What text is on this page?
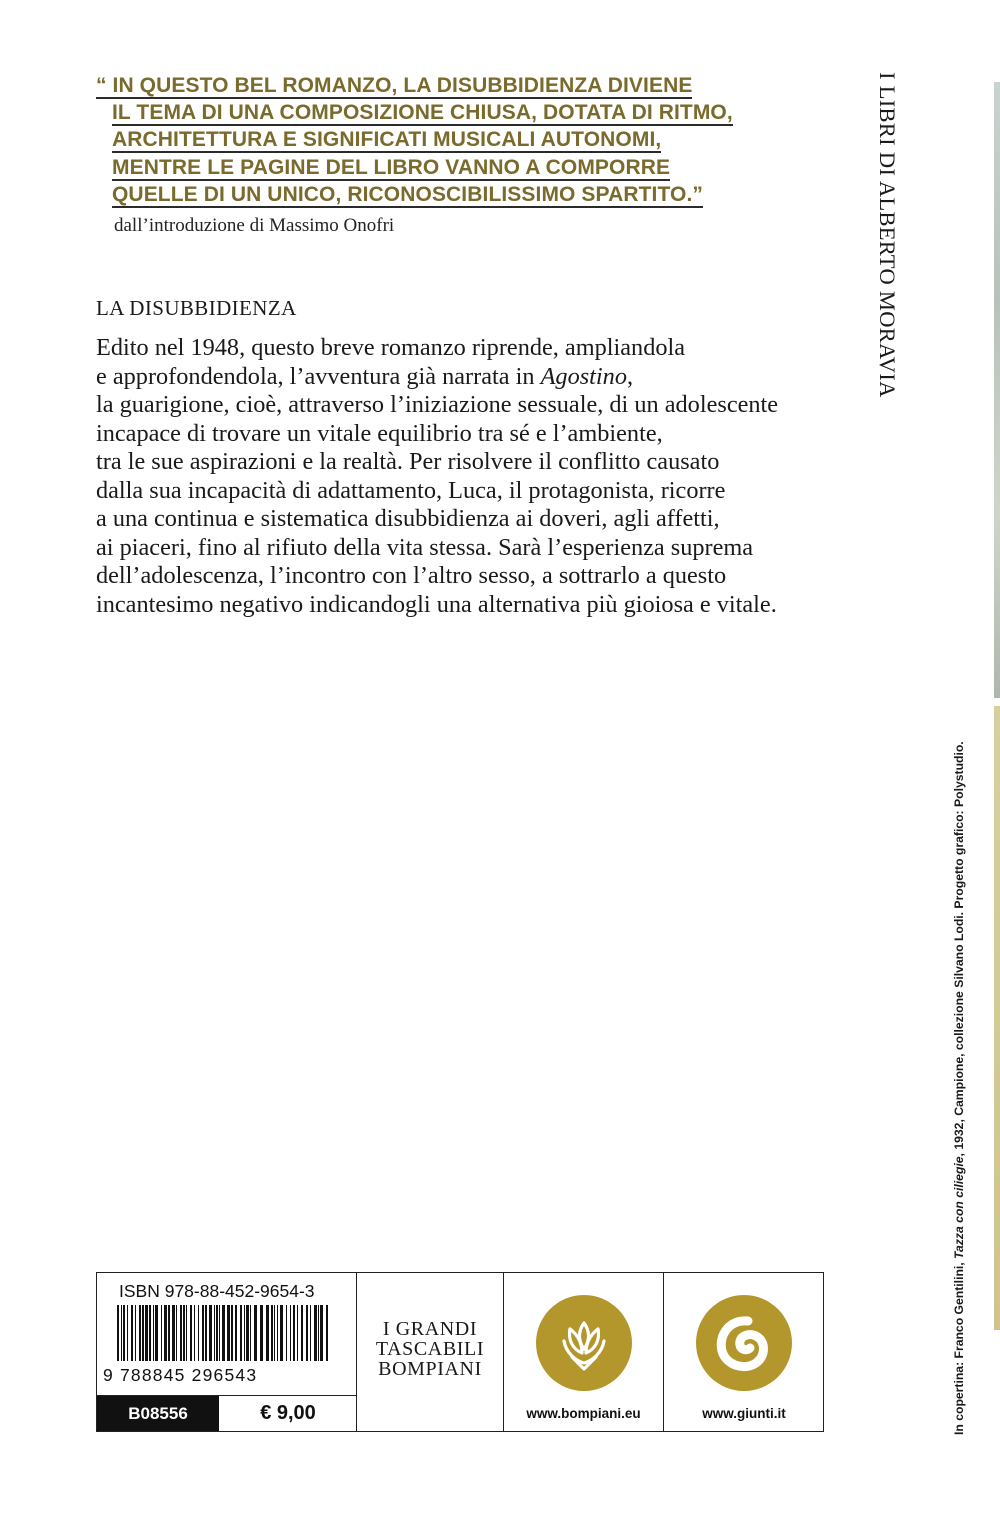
“ IN QUESTO BEL ROMANZO, LA DISUBBIDIENZA DIVIENE
IL TEMA DI UNA COMPOSIZIONE CHIUSA, DOTATA DI RITMO,
ARCHITETTURA E SIGNIFICATI MUSICALI AUTONOMI,
MENTRE LE PAGINE DEL LIBRO VANNO A COMPORRE
QUELLE DI UN UNICO, RICONOSCIBILISSIMO SPARTITO.”
dall’introduzione di Massimo Onofri
LA DISUBBIDIENZA
Edito nel 1948, questo breve romanzo riprende, ampliandola
e approfondendola, l’avventura già narrata in Agostino,
la guarigione, cioè, attraverso l’iniziazione sessuale, di un adolescente
incapace di trovare un vitale equilibrio tra sé e l’ambiente,
tra le sue aspirazioni e la realtà. Per risolvere il conflitto causato
dalla sua incapacità di adattamento, Luca, il protagonista, ricorre
a una continua e sistematica disubbidienza ai doveri, agli affetti,
ai piaceri, fino al rifiuto della vita stessa. Sarà l’esperienza suprema
dell’adolescenza, l’incontro con l’altro sesso, a sottrarlo a questo
incantesimo negativo indicandogli una alternativa più gioiosa e vitale.
I LIBRI DI ALBERTO MORAVIA
In copertina: Franco Gentilini, Tazza con ciliegie, 1932, Campione, collezione Silvano Lodi. Progetto grafico: Polystudio.
ISBN 978-88-452-9654-3
9 788845 296543
B08556	€ 9,00
I GRANDI
TASCABILI
BOMPIANI
www.bompiani.eu	www.giunti.it
